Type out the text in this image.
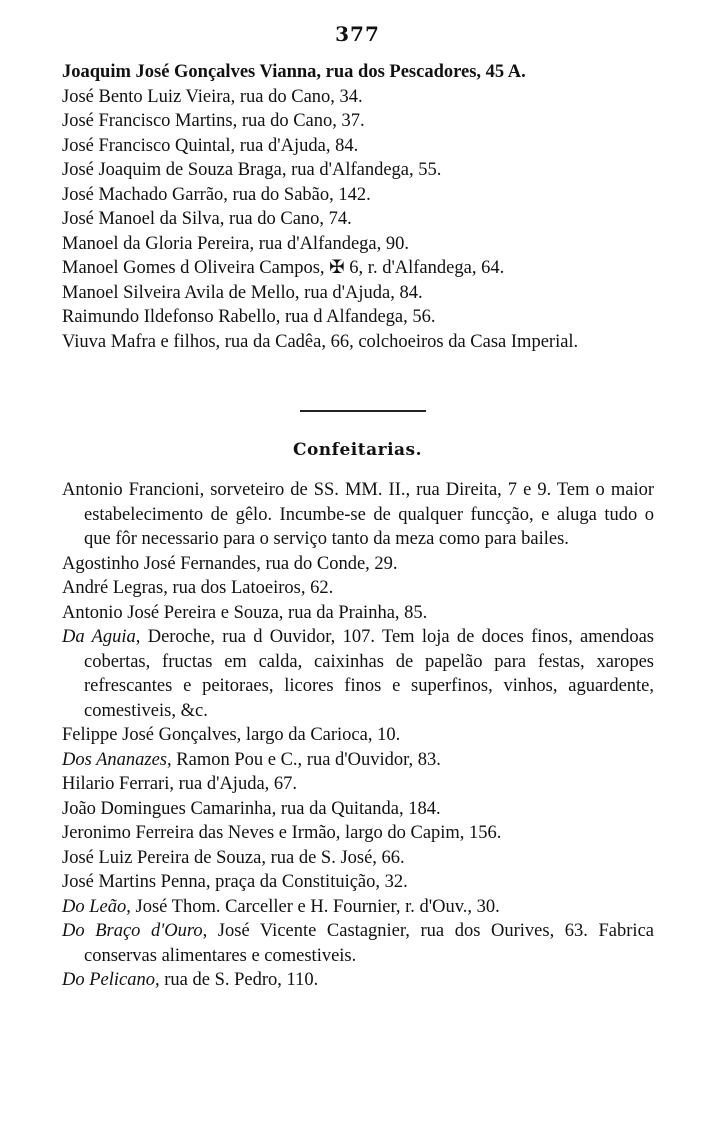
377

Joaquim José Gonçalves Vianna, rua dos Pescadores, 45 A.

José Bento Luiz Vieira, rua do Cano, 34.

José Francisco Martins, rua do Cano, 37.

José Francisco Quintal, rua d'Ajuda, 84.

José Joaquim de Souza Braga, rua d'Alfandega, 55.

José Machado Garrão, rua do Sabão, 142.

José Manoel da Silva, rua do Cano, 74.

Manoel da Gloria Pereira, rua d'Alfandega, 90.

Manoel Gomes d Oliveira Campos, ✠ 6, r. d'Alfandega, 64.

Manoel Silveira Avila de Mello, rua d'Ajuda, 84.

Raimundo Ildefonso Rabello, rua d Alfandega, 56.

Viuva Mafra e filhos, rua da Cadêa, 66, colchoeiros da Casa Imperial.

Confeitarias.

Antonio Francioni, sorveteiro de SS. MM. II., rua Direita, 7 e 9. Tem o maior estabelecimento de gêlo. Incumbe-se de qualquer funcção, e aluga tudo o que fôr necessario para o serviço tanto da meza como para bailes.

Agostinho José Fernandes, rua do Conde, 29.

André Legras, rua dos Latoeiros, 62.

Antonio José Pereira e Souza, rua da Prainha, 85.

Da Aguia, Deroche, rua d Ouvidor, 107. Tem loja de doces finos, amendoas cobertas, fructas em calda, caixinhas de papelão para festas, xaropes refrescantes e peitoraes, licores finos e superfinos, vinhos, aguardente, comestiveis, &c.

Felippe José Gonçalves, largo da Carioca, 10.

Dos Ananazes, Ramon Pou e C., rua d'Ouvidor, 83.

Hilario Ferrari, rua d'Ajuda, 67.

João Domingues Camarinha, rua da Quitanda, 184.

Jeronimo Ferreira das Neves e Irmão, largo do Capim, 156.

José Luiz Pereira de Souza, rua de S. José, 66.

José Martins Penna, praça da Constituição, 32.

Do Leão, José Thom. Carceller e H. Fournier, r. d'Ouv., 30.

Do Braço d'Ouro, José Vicente Castagnier, rua dos Ourives, 63. Fabrica conservas alimentares e comestiveis.

Do Pelicano, rua de S. Pedro, 110.
